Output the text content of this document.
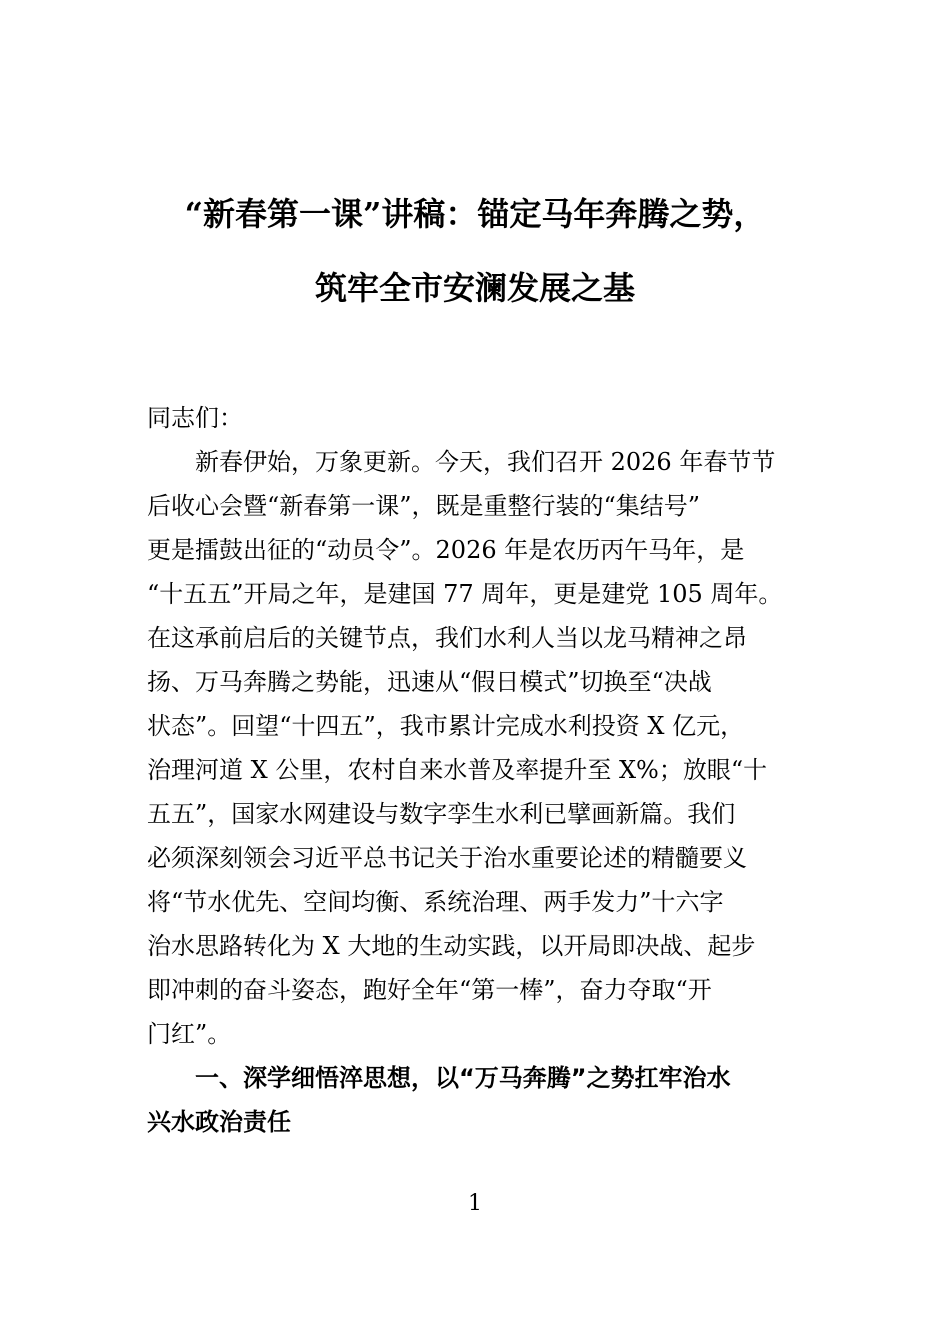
“新春第一课”讲稿：锚定马年奔腾之势，
筑牢全市安澜发展之基
同志们：
新春伊始，万象更新。今天，我们召开 2026 年春节节
后收心会暨“新春第一课”，既是重整行装的“集结号”
更是擂鼓出征的“动员令”。2026 年是农历丙午马年，是
“十五五”开局之年，是建国 77 周年，更是建党 105 周年。
在这承前启后的关键节点，我们水利人当以龙马精神之昂
扬、万马奔腾之势能，迅速从“假日模式”切换至“决战
状态”。回望“十四五”，我市累计完成水利投资 X 亿元，
治理河道 X 公里，农村自来水普及率提升至 X%；放眼“十
五五”，国家水网建设与数字孪生水利已擘画新篇。我们
必须深刻领会习近平总书记关于治水重要论述的精髓要义
将“节水优先、空间均衡、系统治理、两手发力”十六字
治水思路转化为 X 大地的生动实践，以开局即决战、起步
即冲刺的奋斗姿态，跑好全年“第一棒”，奋力夺取“开
门红”。
一、深学细悟淬思想，以“万马奔腾”之势扛牢治水
兴水政治责任
1
